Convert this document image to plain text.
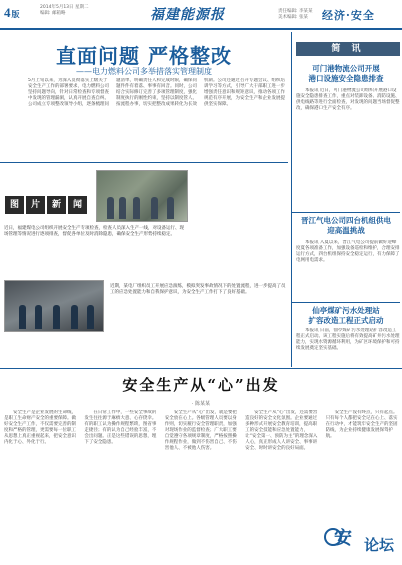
4版
2014年5月13日 星期二
编辑: 邮箱略	福建能源报	责任编辑: 李某某
美术编辑: 张某	经济·安全
直面问题 严格整改
——电力燃料公司多举措落实管理制度
5月上旬以来，为深入贯彻落实上级关于安全生产工作的部署要求，电力燃料公司坚持问题导向，针对日常检查和专项督查中发现的管理漏洞，认真开展自查自纠。公司成立专项整改领导小组，逐条梳理问题清单，明确责任人和完成时限，确保问题件件有着落、事事有回音。同时，公司结合实际修订完善了多项管理制度，强化制度执行的刚性约束，坚持以制度管人、按流程办事，切实把整改成果转化为长效机制。公司还通过召开专题会议、组织培训学习等方式，引导广大干部职工进一步增强责任意识和规矩意识，推动各项工作规范有序开展，为安全生产和企业发展提供坚实保障。
图	片	新	闻
近日，福建煤电公司组织开展安全生产专项检查，检查人员深入生产一线，对设备运行、现场管理等情况进行逐项排查，督促各单位及时消除隐患，确保安全生产形势持续稳定。
近期，某电厂组织员工开展应急演练，模拟突发事故情况下的处置流程，进一步提高了员工的应急处置能力和自我保护意识，为安全生产工作打下了良好基础。
简 讯
可门港物流公司开展
港口设施安全隐患排查

本报讯 近日，可门港物流公司组织开展港口设施安全隐患排查工作，重点对装卸设备、消防设施、供电线路等进行全面检查，对发现的问题当场督促整改，确保港口生产安全有序。

晋江气电公司四台机组供电
迎高温挑战

本报讯 入夏以来，晋江气电公司提前做好迎峰度夏各项准备工作，加强设备巡检和维护，合理安排运行方式，四台机组保持安全稳定运行，有力保障了电网用电需求。

仙亭煤矿污水处理站
扩容改造工程正式启动

本报讯 日前，仙亭煤矿污水处理站扩容改造工程正式启动。该工程实施后将有效提高矿井污水处理能力，实现水资源循环利用，为矿区环境保护和可持续发展奠定坚实基础。

安全生产从“心”出发
· 陈某某

安全生产是企业发展的生命线，是职工生命财产安全的重要保障。做好安全生产工作，不仅需要完善的制度和严格的管理，更需要每一位职工从思想上真正重视起来，把安全意识内化于心、外化于行。

在日常工作中，一些安全事故的发生往往源于麻痹大意、心存侥幸。有的职工认为操作规程繁琐，图省事走捷径；有的认为自己经验丰富，不会出问题。正是这些错误的思想，埋下了安全隐患。

安全生产从“心”出发，就是要把安全放在心上。各级管理人员要以身作则，切实履行安全管理职责，加强对现场作业的监督检查；广大职工要自觉遵守各项规章制度，严格按照操作规程作业，做到不伤害自己、不伤害他人、不被他人伤害。

安全生产从“心”出发，还需要营造良好的安全文化氛围。企业要通过多种形式开展安全教育培训，提高职工的安全技能和应急处置能力，让“安全第一、预防为主”的理念深入人心，真正形成人人讲安全、事事讲安全、时时讲安全的良好局面。

安全生产没有终点，只有起点。只有每个人都把安全记在心上、落实在行动中，才能筑牢安全生产的坚固防线，为企业持续健康发展保驾护航。

安 论坛
